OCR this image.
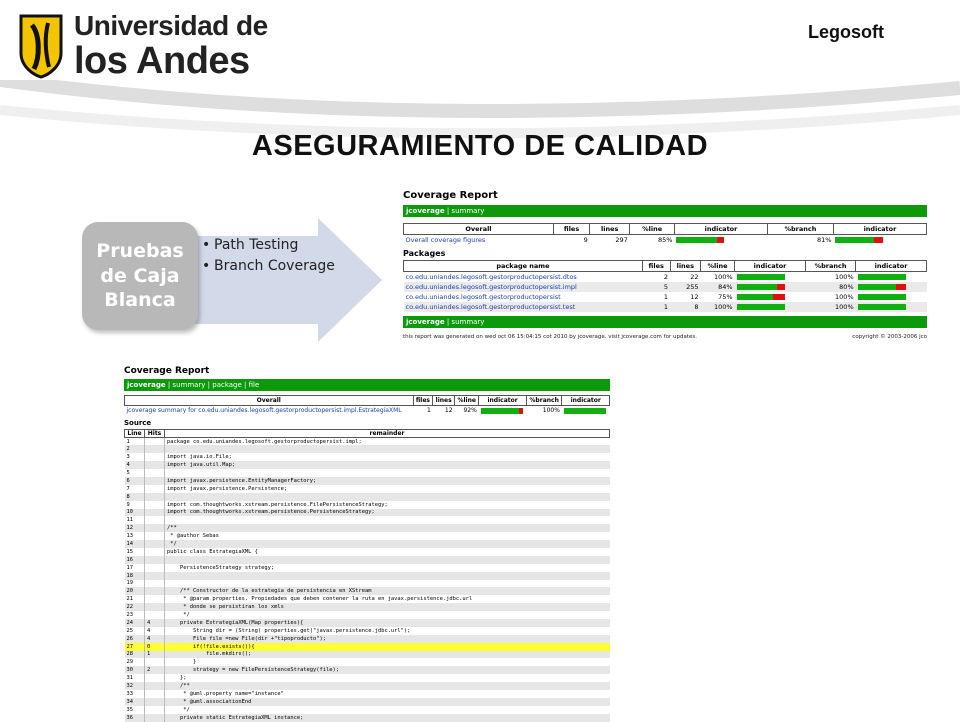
Universidad de
los Andes
Legosoft
ASEGURAMIENTO DE CALIDAD
Pruebas
de Caja
Blanca
• Path Testing
• Branch Coverage
Coverage Report
jcoverage | summary
Overall	files	lines	%line	indicator	%branch	indicator
Overall coverage figures	9	297	85%		81%	
Packages
package name	files	lines	%line	indicator	%branch	indicator
co.edu.uniandes.legosoft.gestorproductopersist.dtos	2	22	100%		100%	

co.edu.uniandes.legosoft.gestorproductopersist.impl	5	255	84%		80%	

co.edu.uniandes.legosoft.gestorproductopersist	1	12	75%		100%	

co.edu.uniandes.legosoft.gestorproductopersist.test	1	8	100%		100%	
jcoverage | summary
this report was generated on wed oct 06 15:04:15 cot 2010 by jcoverage. visit jcoverage.com for updates.	copyright © 2003-2006 jco
Coverage Report
jcoverage | summary | package | file
Overall	files	lines	%line	indicator	%branch	indicator
jcoverage summary for co.edu.uniandes.legosoft.gestorproductopersist.impl.EstrategiaXML	1	12	92%		100%	
Source
Line	Hits	remainder
1		package co.edu.uniandes.legosoft.gestorproductopersist.impl;
2		
3		import java.io.File;
4		import java.util.Map;
5		
6		import javax.persistence.EntityManagerFactory;
7		import javax.persistence.Persistence;
8		
9		import com.thoughtworks.xstream.persistence.FilePersistenceStrategy;
10		import com.thoughtworks.xstream.persistence.PersistenceStrategy;
11		
12		/**
13		* @author Sebas
14		*/
15		public class EstrategiaXML {
16		
17		PersistenceStrategy strategy;
18		
19		
20		/** Constructor de la estrategia de persistencia en XStream
21		* @param properties. Propiedades que deben contener la ruta en javax.persistence.jdbc.url
22		* donde se persistiran los xmls
23		*/
24	4	private EstrategiaXML(Map properties){
25	4	String dir = (String) properties.get("javax.persistence.jdbc.url");
26	4	File file =new File(dir +"tipoproducto");
27	0	if(!file.exists()){
28	1	file.mkdirs();
29		}
30	2	strategy = new FilePersistenceStrategy(file);
31		};
32		/**
33		* @uml.property name="instance"
34		* @uml.associationEnd
35		*/
36		private static EstrategiaXML instance;
